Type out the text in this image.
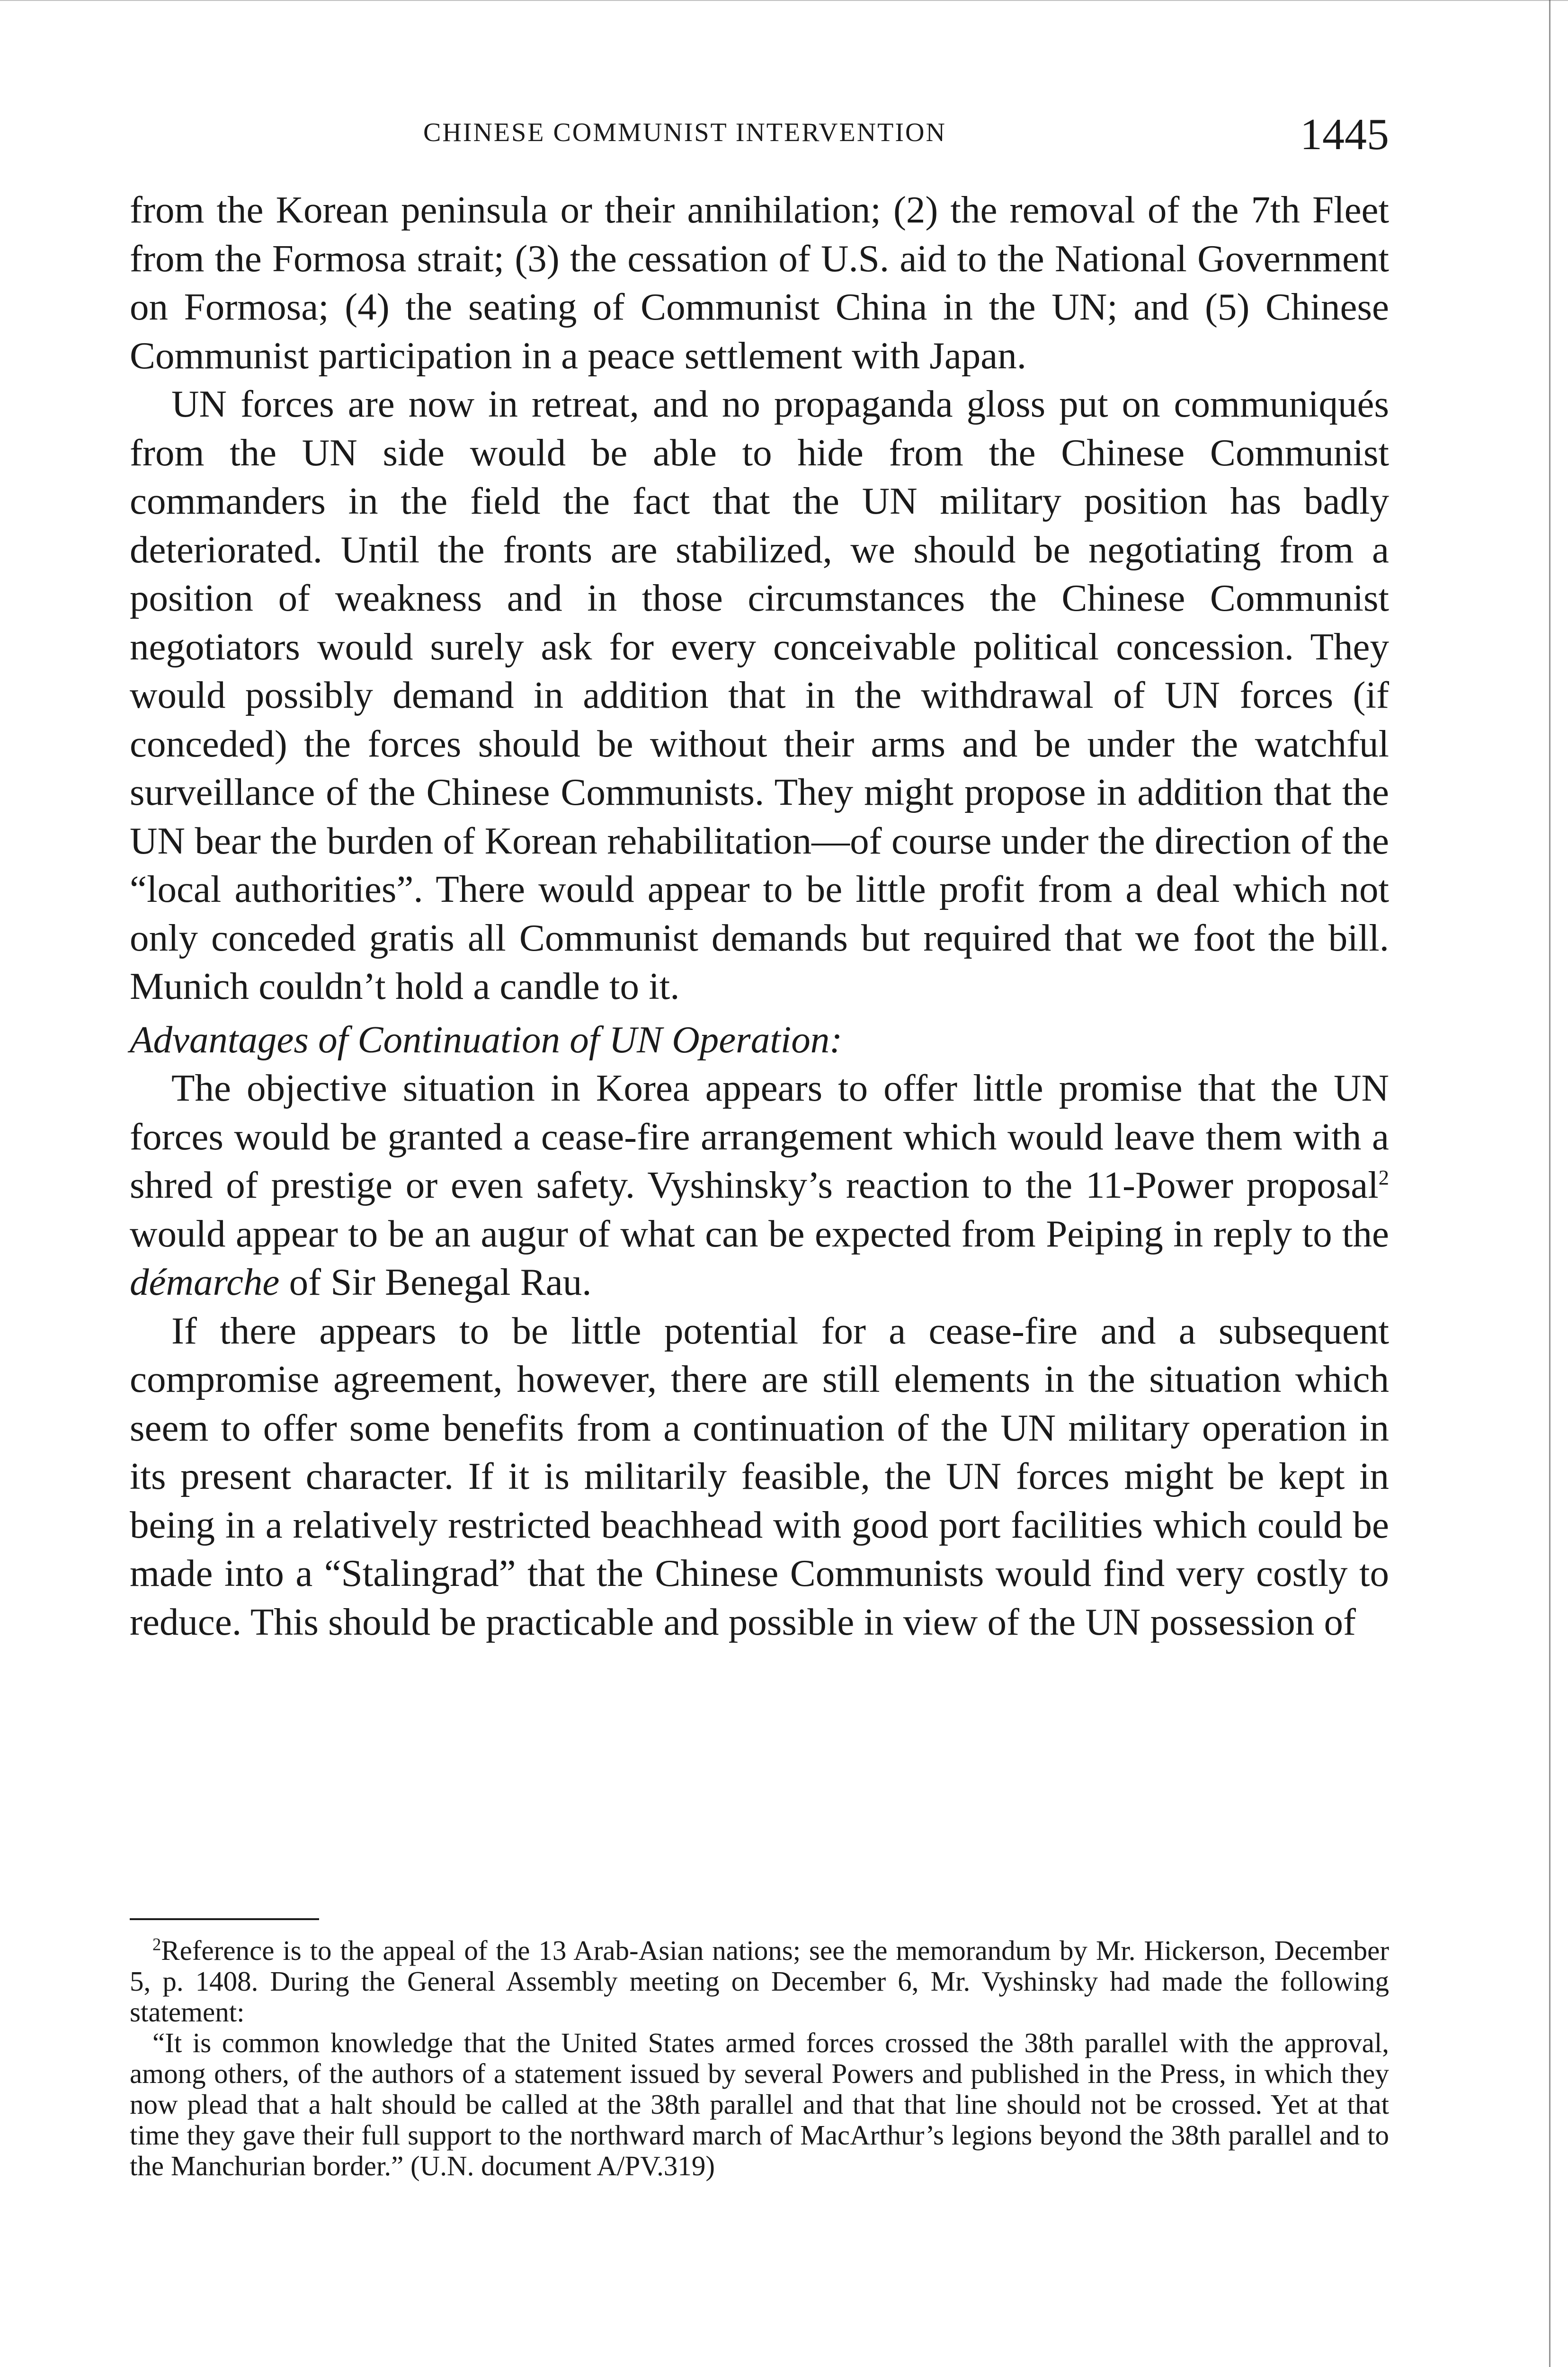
CHINESE COMMUNIST INTERVENTION	1445

from the Korean peninsula or their annihilation; (2) the removal of the 7th Fleet from the Formosa strait; (3) the cessation of U.S. aid to the National Government on Formosa; (4) the seating of Communist China in the UN; and (5) Chinese Communist participation in a peace settlement with Japan.

UN forces are now in retreat, and no propaganda gloss put on communiqués from the UN side would be able to hide from the Chinese Communist commanders in the field the fact that the UN military position has badly deteriorated. Until the fronts are stabilized, we should be negotiating from a position of weakness and in those circumstances the Chinese Communist negotiators would surely ask for every conceivable political concession. They would possibly demand in addition that in the withdrawal of UN forces (if conceded) the forces should be without their arms and be under the watchful surveillance of the Chinese Communists. They might propose in addition that the UN bear the burden of Korean rehabilitation—of course under the direction of the “local authorities”. There would appear to be little profit from a deal which not only conceded gratis all Communist demands but required that we foot the bill. Munich couldn’t hold a candle to it.

Advantages of Continuation of UN Operation:

The objective situation in Korea appears to offer little promise that the UN forces would be granted a cease-fire arrangement which would leave them with a shred of prestige or even safety. Vyshinsky’s reaction to the 11-Power proposal$^2$ would appear to be an augur of what can be expected from Peiping in reply to the démarche of Sir Benegal Rau.

If there appears to be little potential for a cease-fire and a subsequent compromise agreement, however, there are still elements in the situation which seem to offer some benefits from a continuation of the UN military operation in its present character. If it is militarily feasible, the UN forces might be kept in being in a relatively restricted beachhead with good port facilities which could be made into a “Stalingrad” that the Chinese Communists would find very costly to reduce. This should be practicable and possible in view of the UN possession of

$^2$Reference is to the appeal of the 13 Arab-Asian nations; see the memorandum by Mr. Hickerson, December 5, p. 1408. During the General Assembly meeting on December 6, Mr. Vyshinsky had made the following statement:

“It is common knowledge that the United States armed forces crossed the 38th parallel with the approval, among others, of the authors of a statement issued by several Powers and published in the Press, in which they now plead that a halt should be called at the 38th parallel and that that line should not be crossed. Yet at that time they gave their full support to the northward march of MacArthur’s legions beyond the 38th parallel and to the Manchurian border.” (U.N. document A/PV.319)
